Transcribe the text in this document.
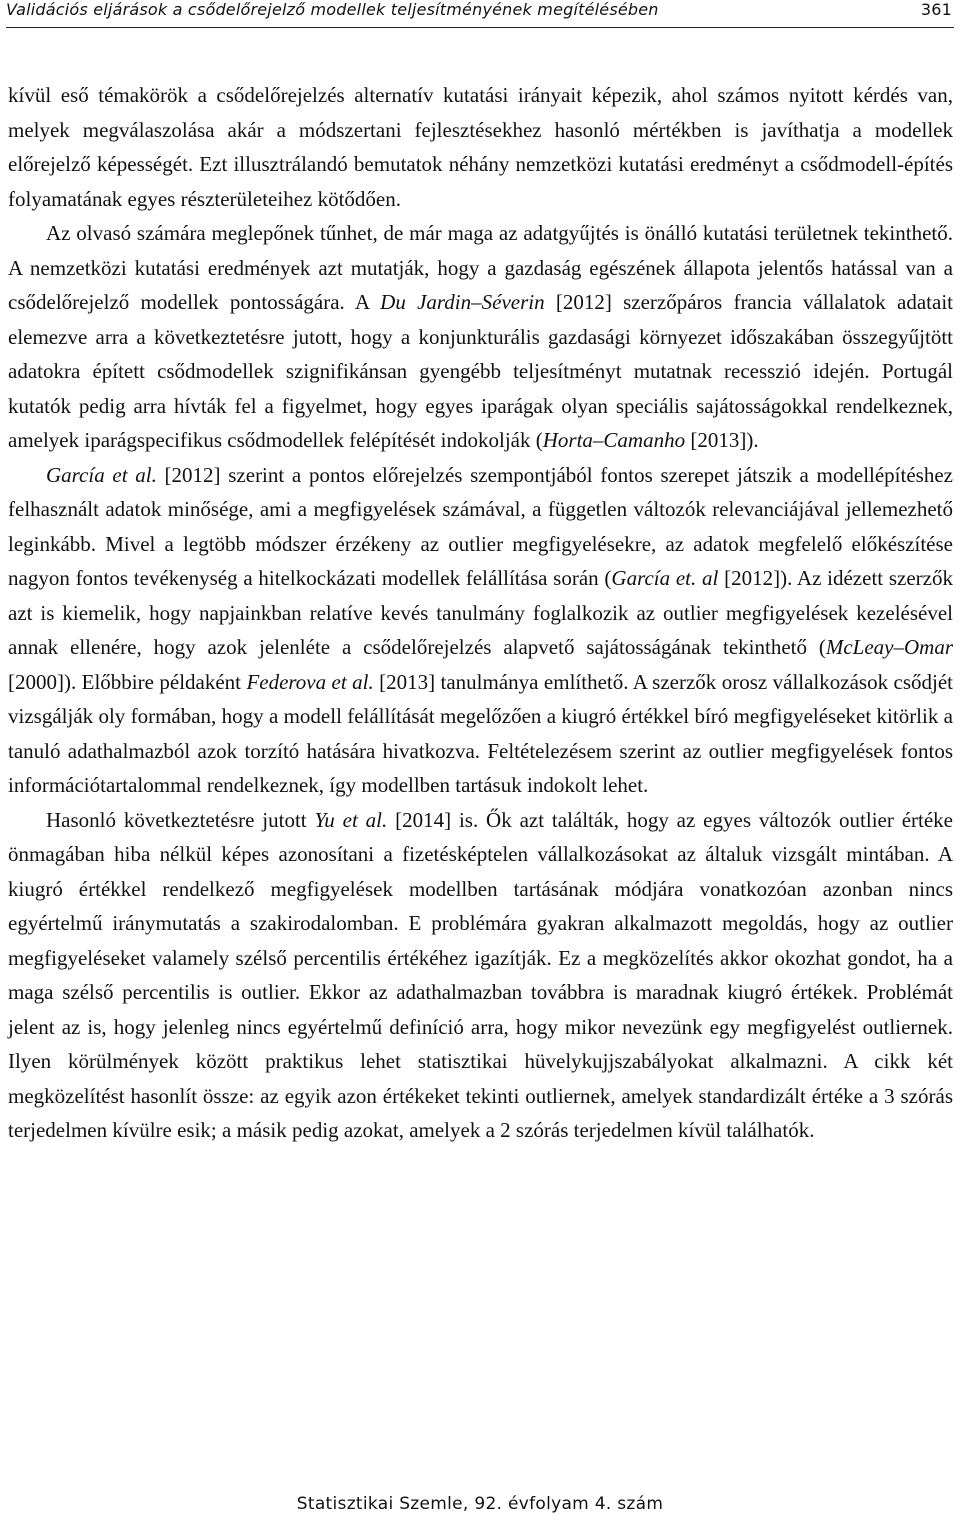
Validációs eljárások a csődelőrejelző modellek teljesítményének megítélésében	361

kívül eső témakörök a csődelőrejelzés alternatív kutatási irányait képezik, ahol számos nyitott kérdés van, melyek megválaszolása akár a módszertani fejlesztésekhez hasonló mértékben is javíthatja a modellek előrejelző képességét. Ezt illusztrálandó bemutatok néhány nemzetközi kutatási eredményt a csődmodell-építés folyamatának egyes részterületeihez kötődően.

Az olvasó számára meglepőnek tűnhet, de már maga az adatgyűjtés is önálló kutatási területnek tekinthető. A nemzetközi kutatási eredmények azt mutatják, hogy a gazdaság egészének állapota jelentős hatással van a csődelőrejelző modellek pontosságára. A Du Jardin–Séverin [2012] szerzőpáros francia vállalatok adatait elemezve arra a következtetésre jutott, hogy a konjunkturális gazdasági környezet időszakában összegyűjtött adatokra épített csődmodellek szignifikánsan gyengébb teljesítményt mutatnak recesszió idején. Portugál kutatók pedig arra hívták fel a figyelmet, hogy egyes iparágak olyan speciális sajátosságokkal rendelkeznek, amelyek iparágspecifikus csődmodellek felépítését indokolják (Horta–Camanho [2013]).

García et al. [2012] szerint a pontos előrejelzés szempontjából fontos szerepet játszik a modellépítéshez felhasznált adatok minősége, ami a megfigyelések számával, a független változók relevanciájával jellemezhető leginkább. Mivel a legtöbb módszer érzékeny az outlier megfigyelésekre, az adatok megfelelő előkészítése nagyon fontos tevékenység a hitelkockázati modellek felállítása során (García et. al [2012]). Az idézett szerzők azt is kiemelik, hogy napjainkban relatíve kevés tanulmány foglalkozik az outlier megfigyelések kezelésével annak ellenére, hogy azok jelenléte a csődelőrejelzés alapvető sajátosságának tekinthető (McLeay–Omar [2000]). Előbbire példaként Federova et al. [2013] tanulmánya említhető. A szerzők orosz vállalkozások csődjét vizsgálják oly formában, hogy a modell felállítását megelőzően a kiugró értékkel bíró megfigyeléseket kitörlik a tanuló adathalmazból azok torzító hatására hivatkozva. Feltételezésem szerint az outlier megfigyelések fontos információtartalommal rendelkeznek, így modellben tartásuk indokolt lehet.

Hasonló következtetésre jutott Yu et al. [2014] is. Ők azt találták, hogy az egyes változók outlier értéke önmagában hiba nélkül képes azonosítani a fizetésképtelen vállalkozásokat az általuk vizsgált mintában. A kiugró értékkel rendelkező megfigyelések modellben tartásának módjára vonatkozóan azonban nincs egyértelmű iránymutatás a szakirodalomban. E problémára gyakran alkalmazott megoldás, hogy az outlier megfigyeléseket valamely szélső percentilis értékéhez igazítják. Ez a megközelítés akkor okozhat gondot, ha a maga szélső percentilis is outlier. Ekkor az adathalmazban továbbra is maradnak kiugró értékek. Problémát jelent az is, hogy jelenleg nincs egyértelmű definíció arra, hogy mikor nevezünk egy megfigyelést outliernek. Ilyen körülmények között praktikus lehet statisztikai hüvelykujjszabályokat alkalmazni. A cikk két megközelítést hasonlít össze: az egyik azon értékeket tekinti outliernek, amelyek standardizált értéke a 3 szórás terjedelmen kívülre esik; a másik pedig azokat, amelyek a 2 szórás terjedelmen kívül találhatók.

Statisztikai Szemle, 92. évfolyam 4. szám
